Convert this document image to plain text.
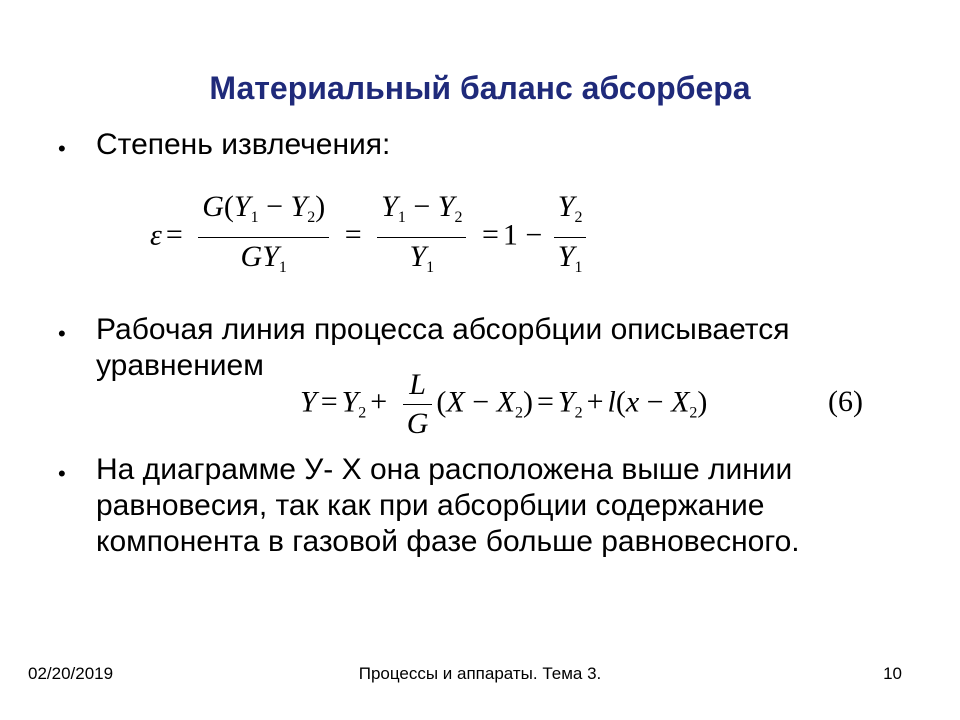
Материальный баланс абсорбера
• Степень извлечения:
$\varepsilon = \frac{G(Y_1 - Y_2)}{GY_1} = \frac{Y_1 - Y_2}{Y_1} = 1 - \frac{Y_2}{Y_1}$
• Рабочая линия процесса абсорбции описывается уравнением
$Y = Y_2 + \frac{L}{G} (X - X_2) = Y_2 + l(x - X_2)$	(6)
• На диаграмме У- Х она расположена выше линии равновесия, так как при абсорбции содержание компонента в газовой фазе больше равновесного.
02/20/2019	Процессы и аппараты. Тема 3.	10
